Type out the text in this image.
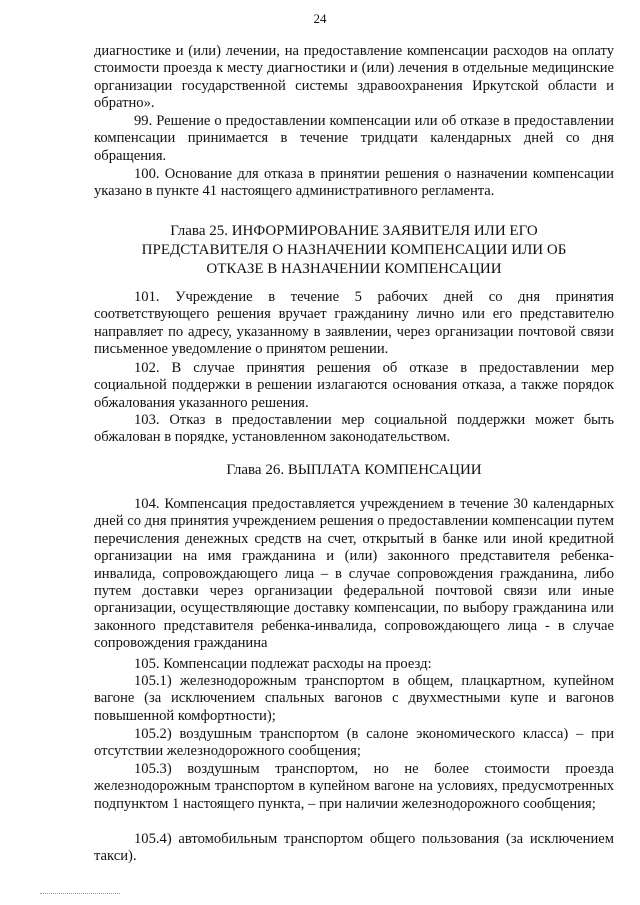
24
диагностике и (или) лечении, на предоставление компенсации расходов на оплату стоимости проезда к месту диагностики и (или) лечения в отдельные медицинские организации государственной системы здравоохранения Иркутской области и обратно».
99. Решение о предоставлении компенсации или об отказе в предоставлении компенсации принимается в течение тридцати календарных дней со дня обращения.
100. Основание для отказа в принятии решения о назначении компенсации указано в пункте 41 настоящего административного регламента.
Глава 25. ИНФОРМИРОВАНИЕ ЗАЯВИТЕЛЯ ИЛИ ЕГО ПРЕДСТАВИТЕЛЯ О НАЗНАЧЕНИИ КОМПЕНСАЦИИ ИЛИ ОБ ОТКАЗЕ В НАЗНАЧЕНИИ КОМПЕНСАЦИИ
101. Учреждение в течение 5 рабочих дней со дня принятия соответствующего решения вручает гражданину лично или его представителю направляет по адресу, указанному в заявлении, через организации почтовой связи письменное уведомление о принятом решении.
102. В случае принятия решения об отказе в предоставлении мер социальной поддержки в решении излагаются основания отказа, а также порядок обжалования указанного решения.
103. Отказ в предоставлении мер социальной поддержки может быть обжалован в порядке, установленном законодательством.
Глава 26. ВЫПЛАТА КОМПЕНСАЦИИ
104. Компенсация предоставляется учреждением в течение 30 календарных дней со дня принятия учреждением решения о предоставлении компенсации путем перечисления денежных средств на счет, открытый в банке или иной кредитной организации на имя гражданина и (или) законного представителя ребенка-инвалида, сопровождающего лица – в случае сопровождения гражданина, либо путем доставки через организации федеральной почтовой связи или иные организации, осуществляющие доставку компенсации, по выбору гражданина или законного представителя ребенка-инвалида, сопровождающего лица - в случае сопровождения гражданина
105. Компенсации подлежат расходы на проезд:
105.1) железнодорожным транспортом в общем, плацкартном, купейном вагоне (за исключением спальных вагонов с двухместными купе и вагонов повышенной комфортности);
105.2) воздушным транспортом (в салоне экономического класса) – при отсутствии железнодорожного сообщения;
105.3) воздушным транспортом, но не более стоимости проезда железнодорожным транспортом в купейном вагоне на условиях, предусмотренных подпунктом 1 настоящего пункта, – при наличии железнодорожного сообщения;
105.4) автомобильным транспортом общего пользования (за исключением такси).
